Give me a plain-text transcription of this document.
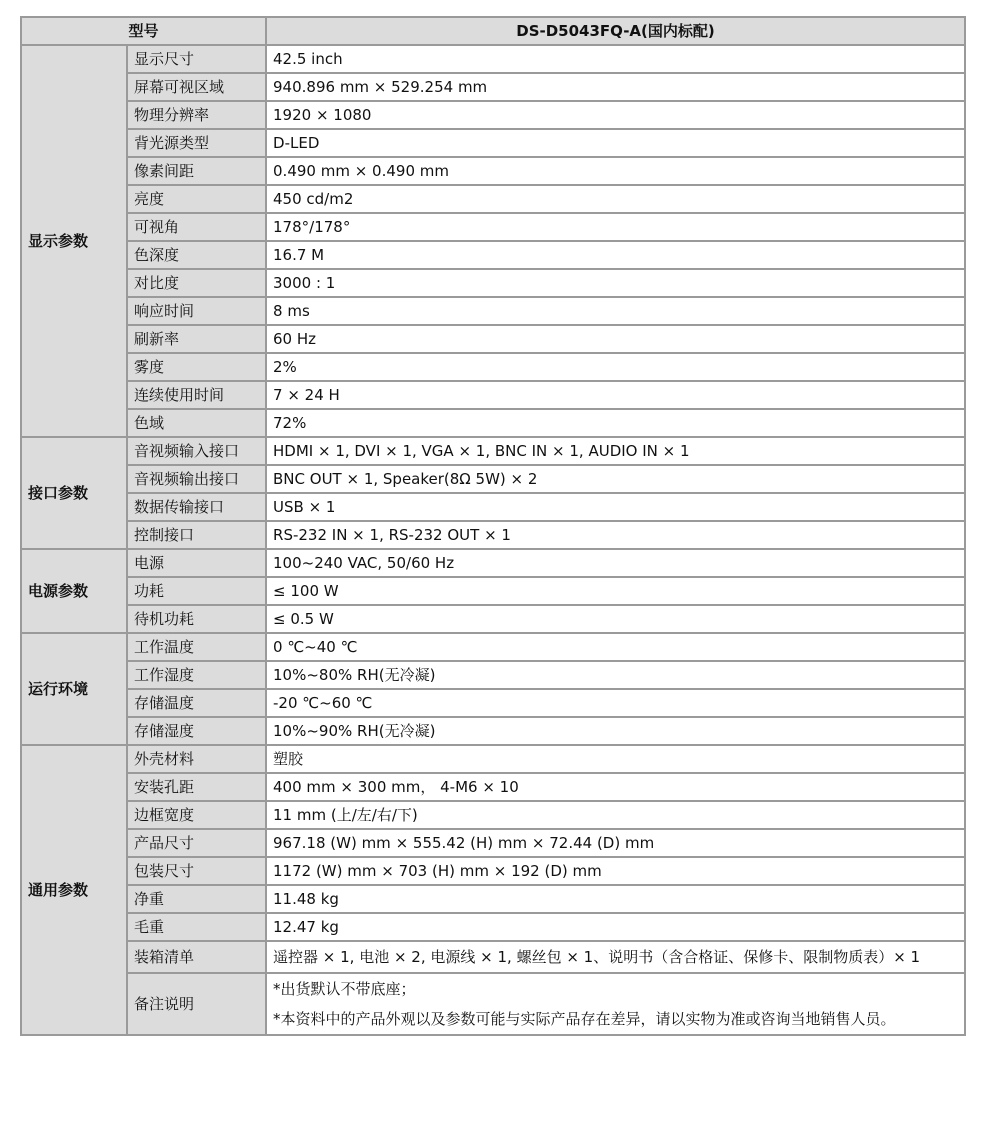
型号		DS-D5043FQ-A(国内标配)
显示参数	显示尺寸	42.5 inch
	屏幕可视区域	940.896 mm × 529.254 mm
	物理分辨率	1920 × 1080
	背光源类型	D-LED
	像素间距	0.490 mm × 0.490 mm
	亮度	450 cd/m2
	可视角	178°/178°
	色深度	16.7 M
	对比度	3000 : 1
	响应时间	8 ms
	刷新率	60 Hz
	雾度	2%
	连续使用时间	7 × 24 H
	色域	72%
接口参数	音视频输入接口	HDMI × 1, DVI × 1, VGA × 1, BNC IN × 1, AUDIO IN × 1
	音视频输出接口	BNC OUT × 1, Speaker(8Ω 5W) × 2
	数据传输接口	USB × 1
	控制接口	RS-232 IN × 1, RS-232 OUT × 1
电源参数	电源	100~240 VAC, 50/60 Hz
	功耗	≤ 100 W
	待机功耗	≤ 0.5 W
运行环境	工作温度	0 ℃~40 ℃
	工作湿度	10%~80% RH(无冷凝)
	存储温度	-20 ℃~60 ℃
	存储湿度	10%~90% RH(无冷凝)
通用参数	外壳材料	塑胶
	安装孔距	400 mm × 300 mm， 4-M6 × 10
	边框宽度	11 mm (上/左/右/下)
	产品尺寸	967.18 (W) mm × 555.42 (H) mm × 72.44 (D) mm
	包装尺寸	1172 (W) mm × 703 (H) mm × 192 (D) mm
	净重	11.48 kg
	毛重	12.47 kg
	装箱清单	遥控器 × 1, 电池 × 2, 电源线 × 1, 螺丝包 × 1、说明书（含合格证、保修卡、限制物质表）× 1
	备注说明	*出货默认不带底座；
*本资料中的产品外观以及参数可能与实际产品存在差异，请以实物为准或咨询当地销售人员。
